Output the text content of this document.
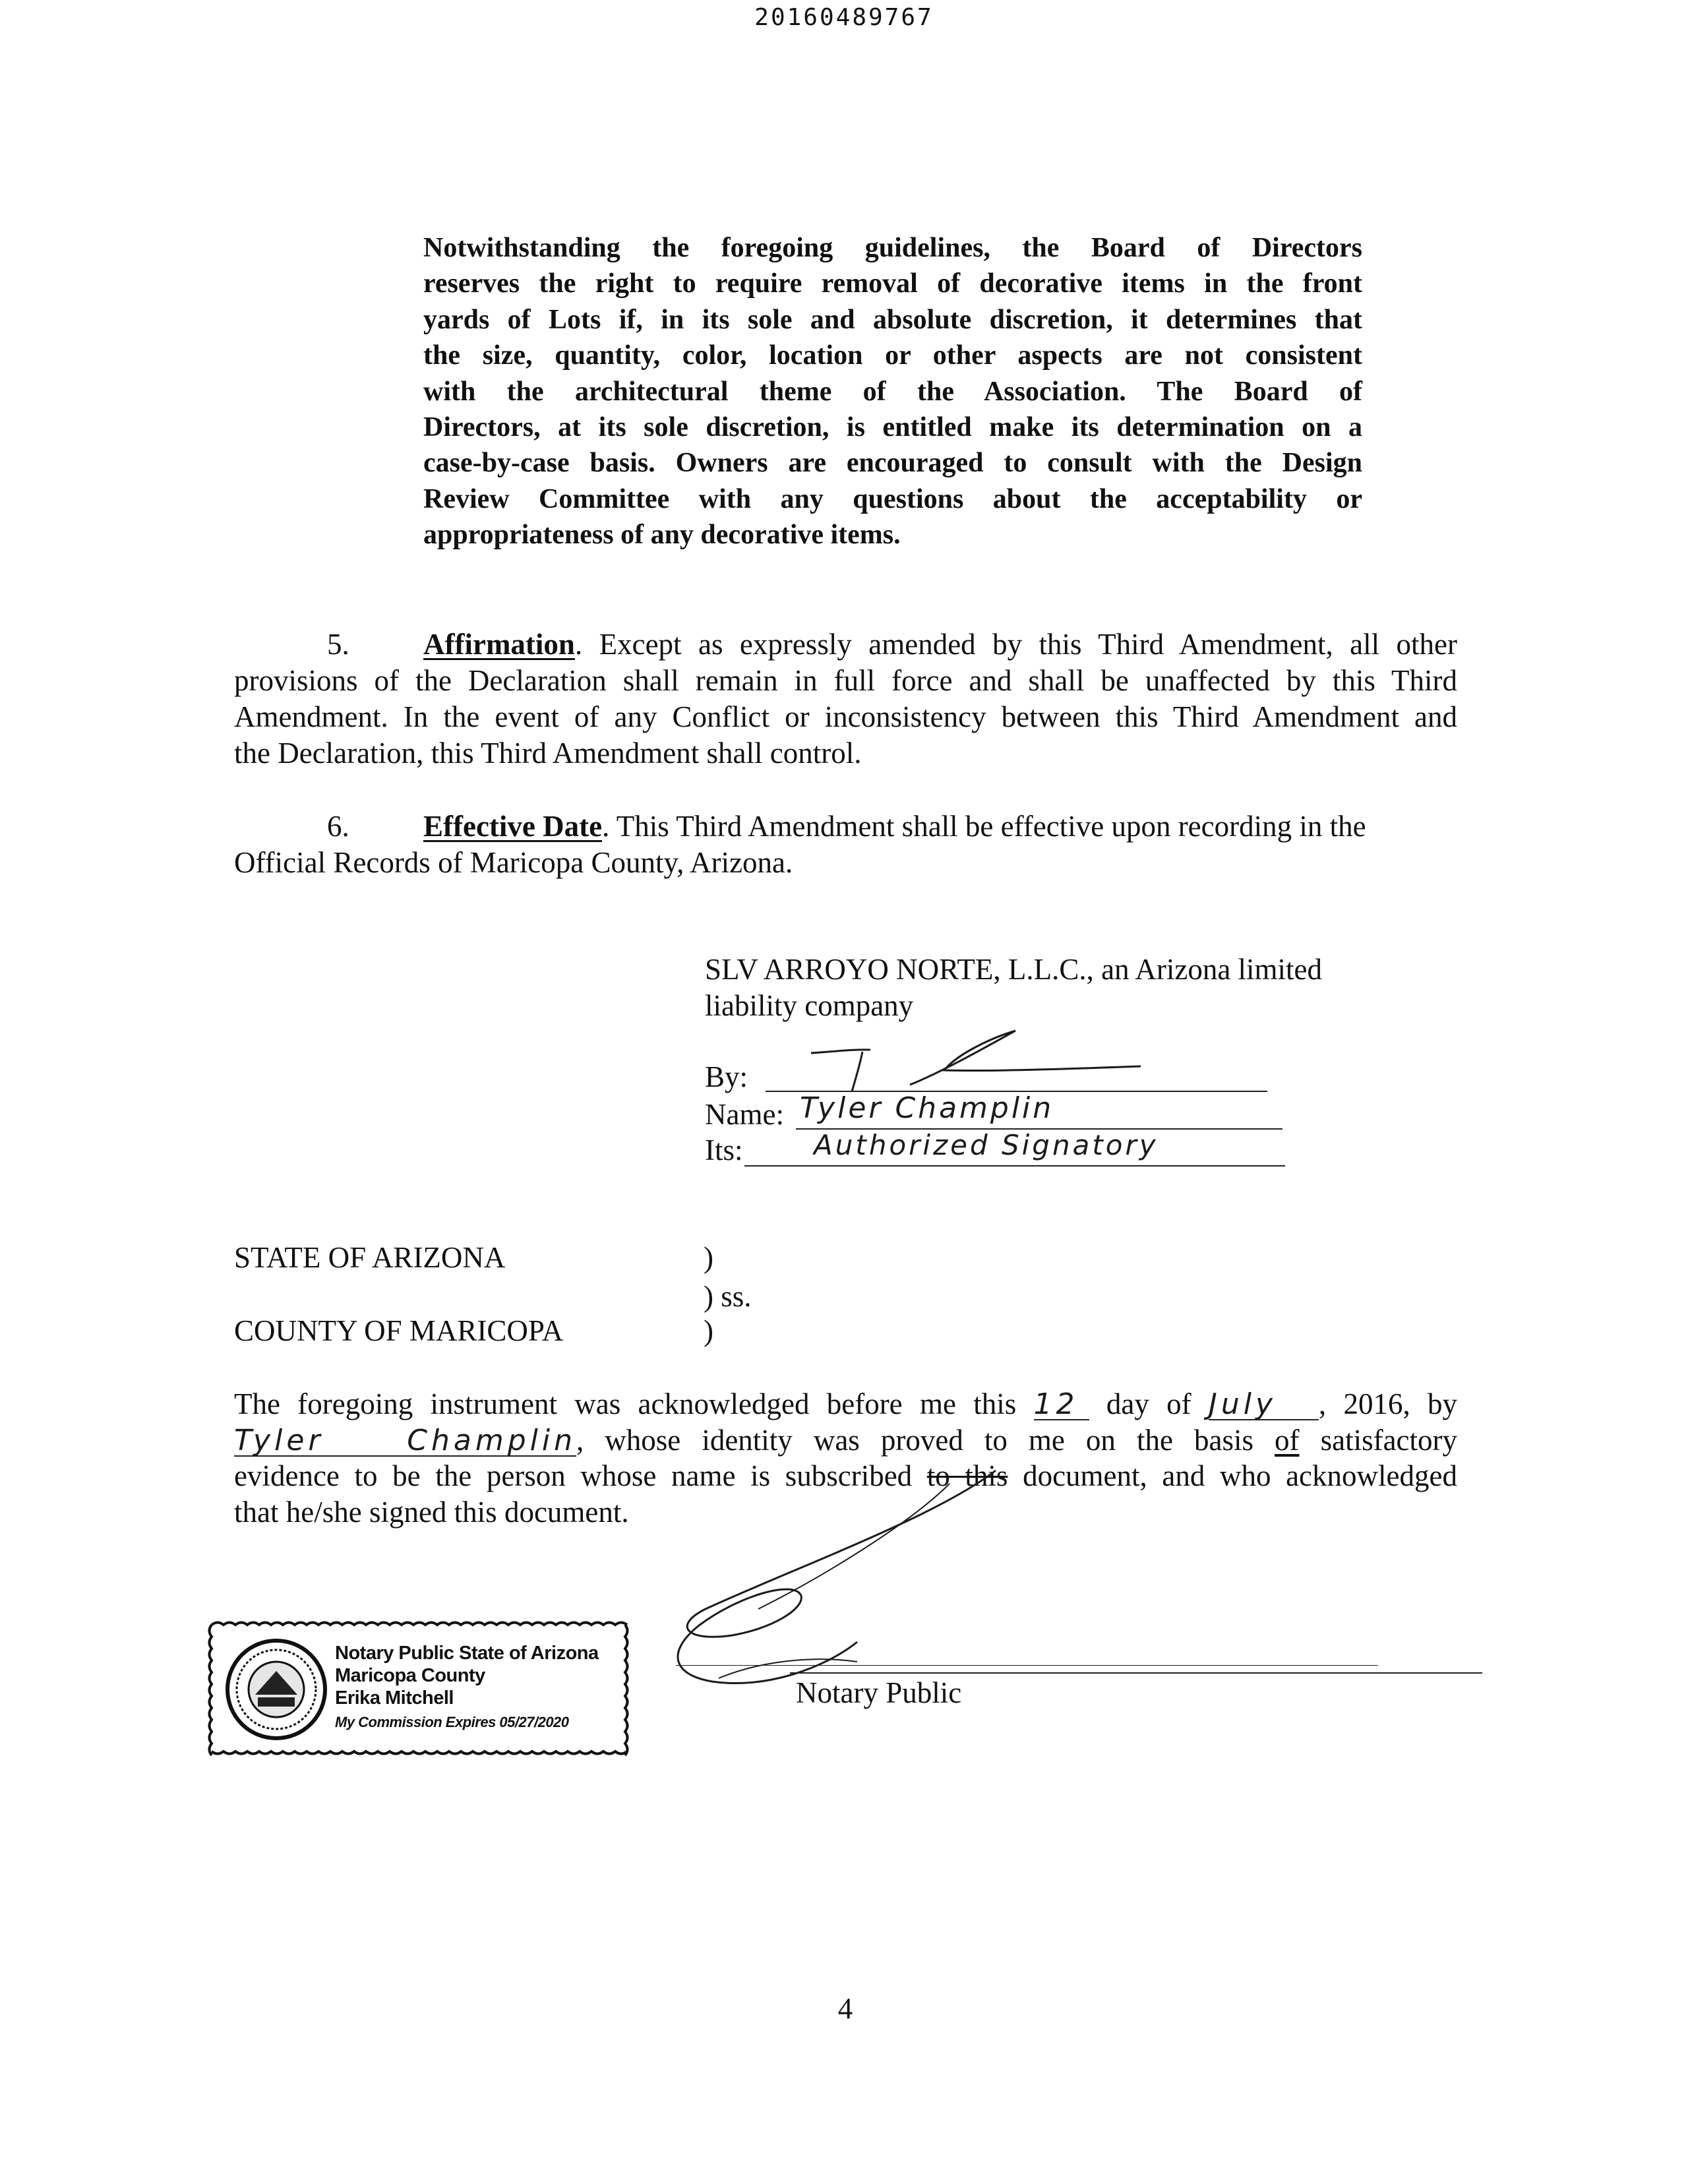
20160489767
Notwithstanding the foregoing guidelines, the Board of Directors
reserves the right to require removal of decorative items in the front
yards of Lots if, in its sole and absolute discretion, it determines that
the size, quantity, color, location or other aspects are not consistent
with the architectural theme of the Association. The Board of
Directors, at its sole discretion, is entitled make its determination on a
case-by-case basis. Owners are encouraged to consult with the Design
Review Committee with any questions about the acceptability or
appropriateness of any decorative items.
5. Affirmation. Except as expressly amended by this Third Amendment, all other
provisions of the Declaration shall remain in full force and shall be unaffected by this Third
Amendment. In the event of any Conflict or inconsistency between this Third Amendment and
the Declaration, this Third Amendment shall control.
6. Effective Date. This Third Amendment shall be effective upon recording in the
Official Records of Maricopa County, Arizona.
SLV ARROYO NORTE, L.L.C., an Arizona limited
liability company
By:
Name: Tyler Champlin
Its:	Authorized Signatory
STATE OF ARIZONA
COUNTY OF MARICOPA
)
) ss.
)
The foregoing instrument was acknowledged before me this 12 day of July , 2016, by
Tyler Champlin, whose identity was proved to me on the basis of satisfactory
evidence to be the person whose name is subscribed to this document, and who acknowledged
that he/she signed this document.
Notary Public
Notary Public State of Arizona
Maricopa County
Erika Mitchell
My Commission Expires 05/27/2020
4
